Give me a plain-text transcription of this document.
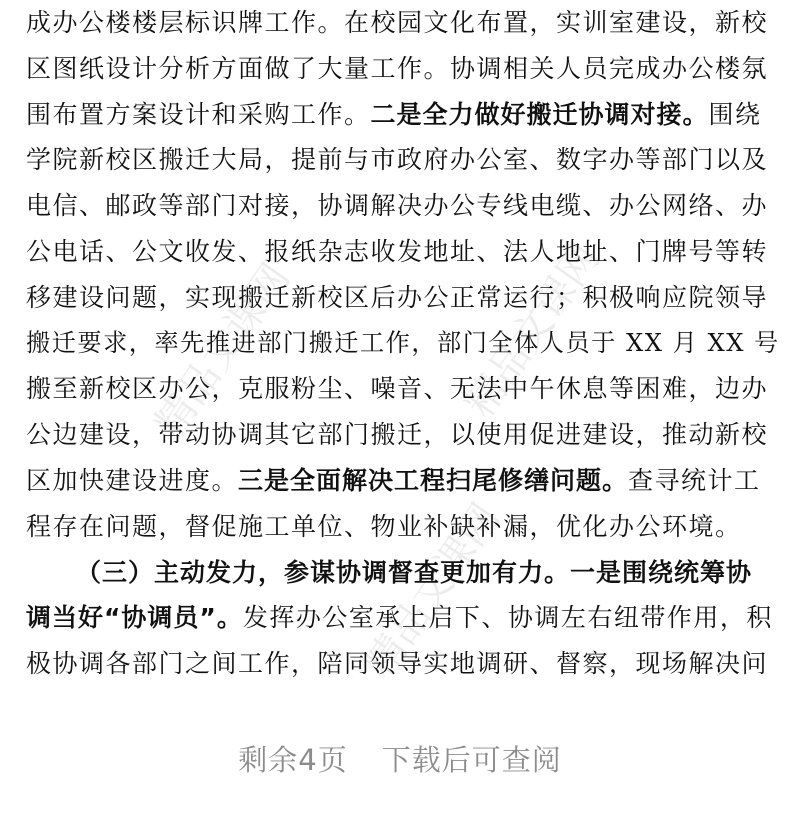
精品文课网	精品文课网
精品文课网
成办公楼楼层标识牌工作。在校园文化布置，实训室建设，新校
区图纸设计分析方面做了大量工作。协调相关人员完成办公楼氛
围布置方案设计和采购工作。二是全力做好搬迁协调对接。围绕
学院新校区搬迁大局，提前与市政府办公室、数字办等部门以及
电信、邮政等部门对接，协调解决办公专线电缆、办公网络、办
公电话、公文收发、报纸杂志收发地址、法人地址、门牌号等转
移建设问题，实现搬迁新校区后办公正常运行；积极响应院领导
搬迁要求，率先推进部门搬迁工作，部门全体人员于 XX 月 XX 号
搬至新校区办公，克服粉尘、噪音、无法中午休息等困难，边办
公边建设，带动协调其它部门搬迁，以使用促进建设，推动新校
区加快建设进度。三是全面解决工程扫尾修缮问题。查寻统计工
程存在问题，督促施工单位、物业补缺补漏，优化办公环境。
（三）主动发力，参谋协调督查更加有力。一是围绕统筹协
调当好“协调员”。发挥办公室承上启下、协调左右纽带作用，积
极协调各部门之间工作，陪同领导实地调研、督察，现场解决问
剩余4页 下载后可查阅
